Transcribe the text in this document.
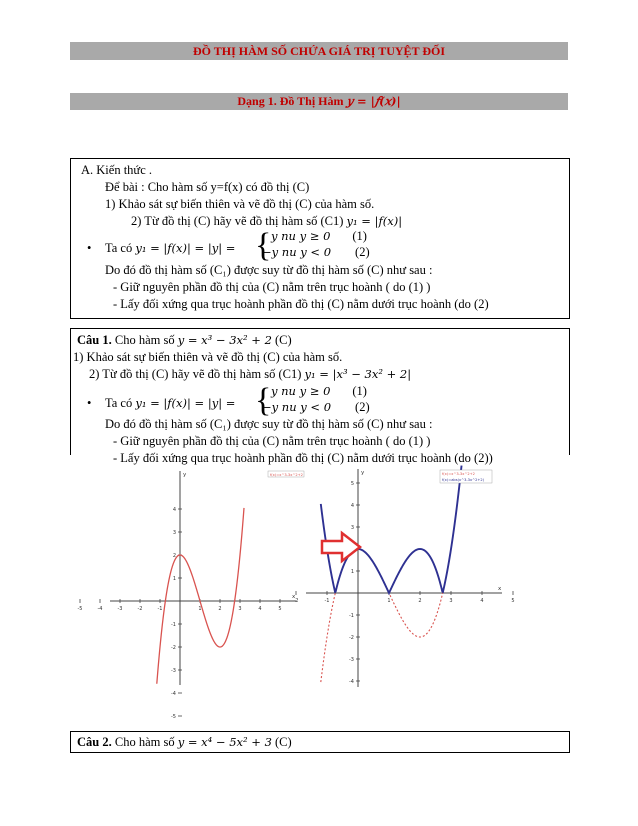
ĐỒ THỊ HÀM SỐ CHỨA GIÁ TRỊ TUYỆT ĐỐI
Dạng 1. Đồ Thị Hàm 𝑦 = |𝑓(𝑥)|
A. Kiến thức .
Để bài : Cho hàm số y=f(x) có đồ thị (C)
1) Khảo sát sự biến thiên và vẽ đồ thị (C) của hàm số.
2) Từ đồ thị (C) hãy vẽ đồ thị hàm số (C1) 𝑦₁ = |𝑓(𝑥)|
• Ta có 𝑦₁ = |𝑓(𝑥)| = |𝑦| = { 𝑦 𝑛𝑢 𝑦 ≥ 0 (1)
−𝑦 𝑛𝑢 𝑦 < 0 (2)
Do đó đồ thị hàm số (C₁) được suy từ đồ thị hàm số (C) như sau :
- Giữ nguyên phần đồ thị của (C) nằm trên trục hoành ( do (1) )
- Lấy đối xứng qua trục hoành phần đồ thị (C) nằm dưới trục hoành (do (2)
Câu 1. Cho hàm số 𝑦 = 𝑥³ − 3𝑥² + 2 (C)
1) Khảo sát sự biến thiên và vẽ đồ thị (C) của hàm số.
2) Từ đồ thị (C) hãy vẽ đồ thị hàm số (C1) 𝑦₁ = |𝑥³ − 3𝑥² + 2|
• Ta có 𝑦₁ = |𝑓(𝑥)| = |𝑦| = { 𝑦 𝑛𝑢 𝑦 ≥ 0 (1)
−𝑦 𝑛𝑢 𝑦 < 0 (2)
Do đó đồ thị hàm số (C₁) được suy từ đồ thị hàm số (C) như sau :
- Giữ nguyên phần đồ thị của (C) nằm trên trục hoành ( do (1) )
- Lấy đối xứng qua trục hoành phần đồ thị (C) nằm dưới trục hoành (do (2))
-5	-4	-3	-2	-1	1	2	3	4	5
4
3
2
1
-1
-2
-3
-4
-5
y
x
f(x)=x^3-3x^2+2
-2	-1	1	2	3	4	5
5
4
3
1
-1
-2
-3
-4
y
x
f(x)=x^3-3x^2+2
f(x)=abs(x^3-3x^2+2)
Câu 2. Cho hàm số 𝑦 = 𝑥⁴ − 5𝑥² + 3 (C)
